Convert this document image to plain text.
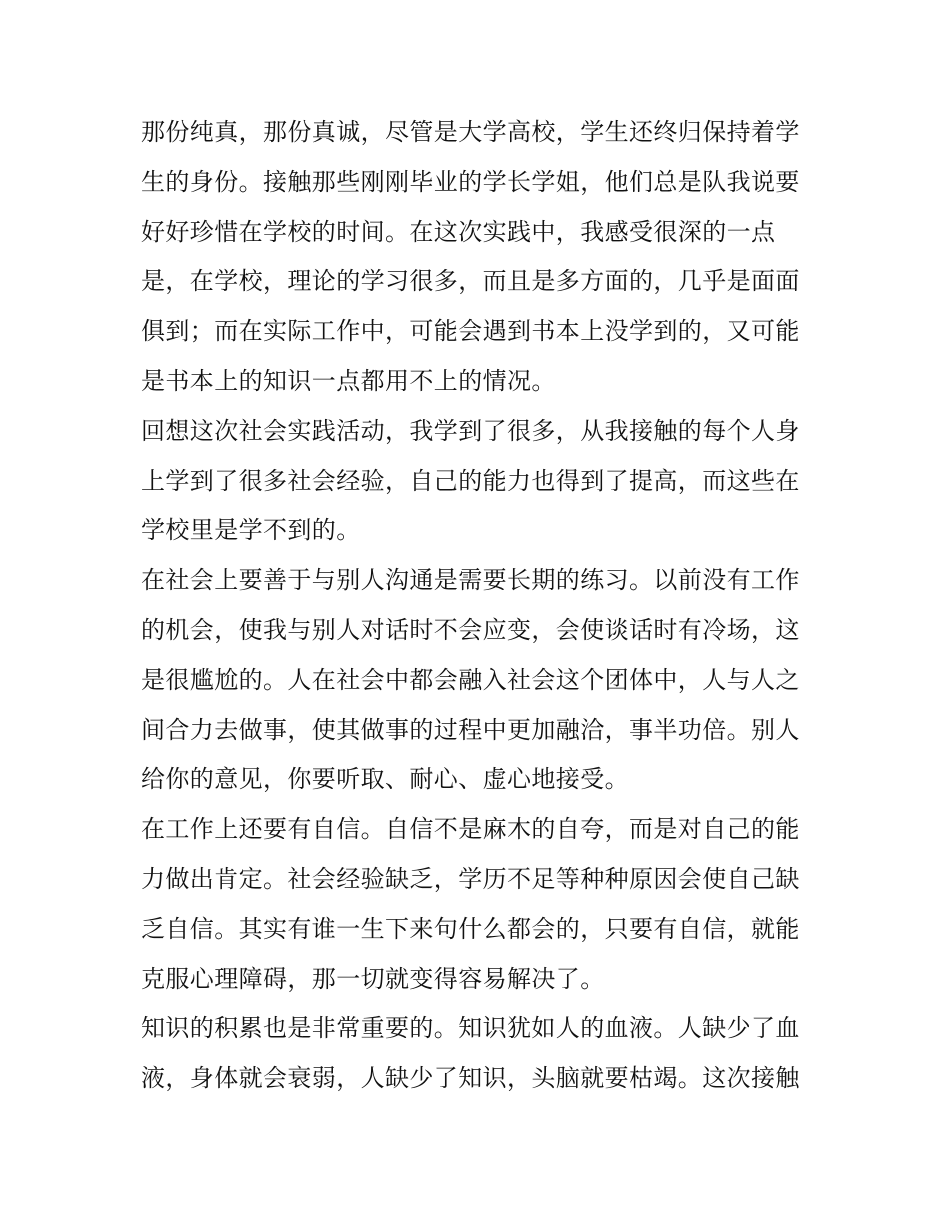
那份纯真，那份真诚，尽管是大学高校，学生还终归保持着学
生的身份。接触那些刚刚毕业的学长学姐，他们总是队我说要
好好珍惜在学校的时间。在这次实践中，我感受很深的一点
是，在学校，理论的学习很多，而且是多方面的，几乎是面面
俱到；而在实际工作中，可能会遇到书本上没学到的，又可能
是书本上的知识一点都用不上的情况。
回想这次社会实践活动，我学到了很多，从我接触的每个人身
上学到了很多社会经验，自己的能力也得到了提高，而这些在
学校里是学不到的。
在社会上要善于与别人沟通是需要长期的练习。以前没有工作
的机会，使我与别人对话时不会应变，会使谈话时有冷场，这
是很尴尬的。人在社会中都会融入社会这个团体中，人与人之
间合力去做事，使其做事的过程中更加融洽，事半功倍。别人
给你的意见，你要听取、耐心、虚心地接受。
在工作上还要有自信。自信不是麻木的自夸，而是对自己的能
力做出肯定。社会经验缺乏，学历不足等种种原因会使自己缺
乏自信。其实有谁一生下来句什么都会的，只要有自信，就能
克服心理障碍，那一切就变得容易解决了。
知识的积累也是非常重要的。知识犹如人的血液。人缺少了血
液，身体就会衰弱，人缺少了知识，头脑就要枯竭。这次接触
